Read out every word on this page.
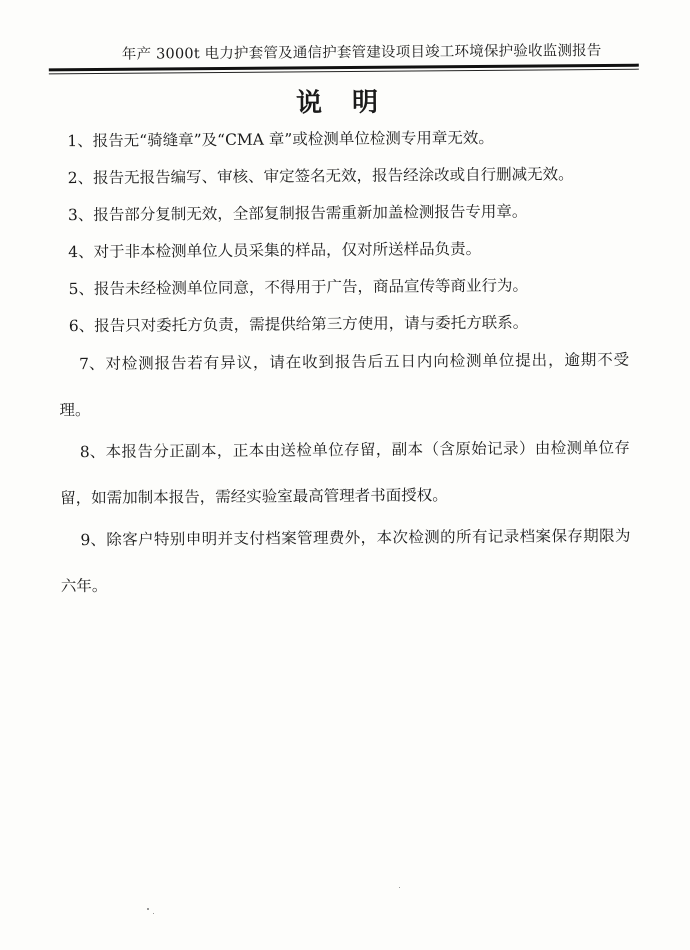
年产 3000t 电力护套管及通信护套管建设项目竣工环境保护验收监测报告
说明
1、报告无“骑缝章”及“CMA 章”或检测单位检测专用章无效。
2、报告无报告编写、审核、审定签名无效，报告经涂改或自行删减无效。
3、报告部分复制无效，全部复制报告需重新加盖检测报告专用章。
4、对于非本检测单位人员采集的样品，仅对所送样品负责。
5、报告未经检测单位同意，不得用于广告，商品宣传等商业行为。
6、报告只对委托方负责，需提供给第三方使用，请与委托方联系。
7、对检测报告若有异议，请在收到报告后五日内向检测单位提出，逾期不受理。
8、本报告分正副本，正本由送检单位存留，副本（含原始记录）由检测单位存留，如需加制本报告，需经实验室最高管理者书面授权。
9、除客户特别申明并支付档案管理费外，本次检测的所有记录档案保存期限为六年。
